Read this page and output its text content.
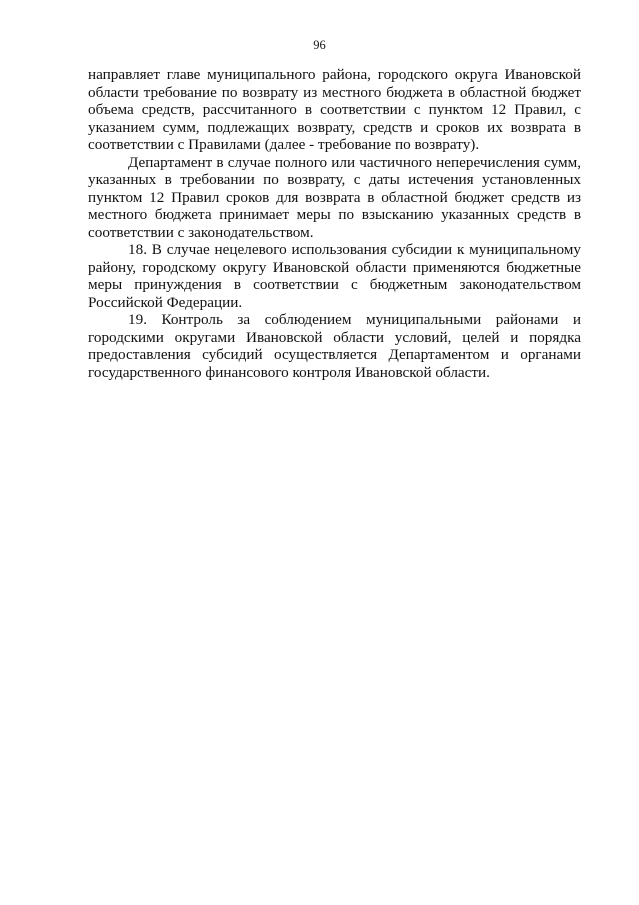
96

направляет главе муниципального района, городского округа Ивановской области требование по возврату из местного бюджета в областной бюджет объема средств, рассчитанного в соответствии с пунктом 12 Правил, с указанием сумм, подлежащих возврату, средств и сроков их возврата в соответствии с Правилами (далее - требование по возврату).

Департамент в случае полного или частичного неперечисления сумм, указанных в требовании по возврату, с даты истечения установленных пунктом 12 Правил сроков для возврата в областной бюджет средств из местного бюджета принимает меры по взысканию указанных средств в соответствии с законодательством.

18. В случае нецелевого использования субсидии к муниципальному району, городскому округу Ивановской области применяются бюджетные меры принуждения в соответствии с бюджетным законодательством Российской Федерации.

19. Контроль за соблюдением муниципальными районами и городскими округами Ивановской области условий, целей и порядка предоставления субсидий осуществляется Департаментом и органами государственного финансового контроля Ивановской области.
